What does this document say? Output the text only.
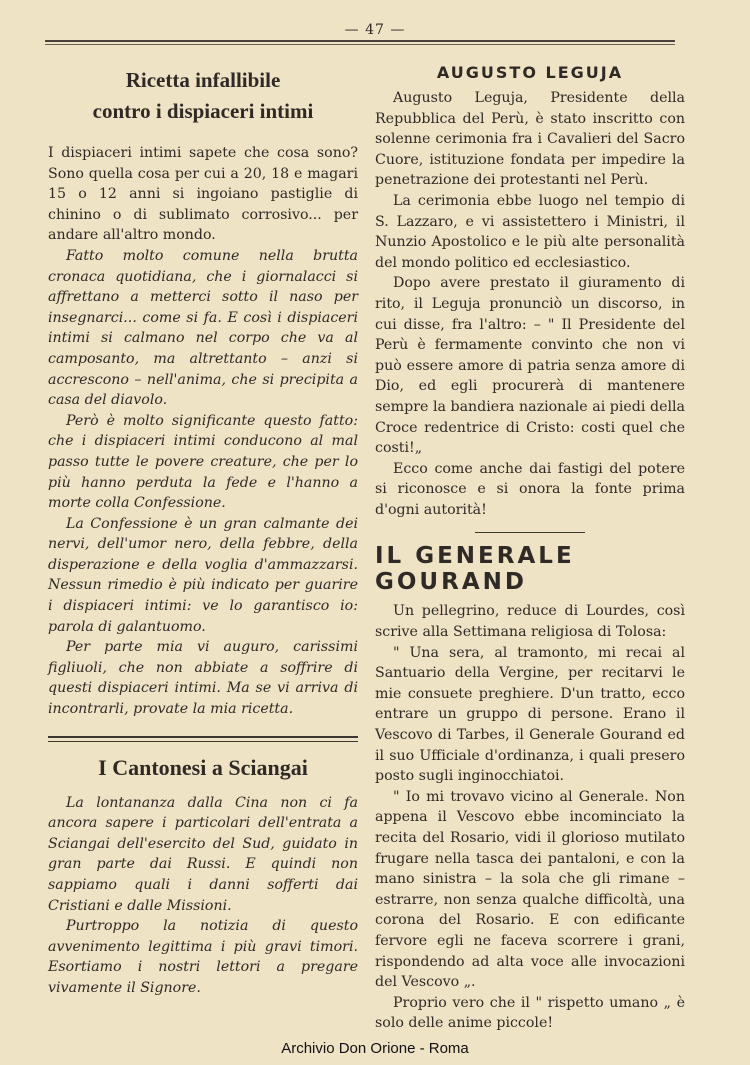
— 47 —
Ricetta infallibile
contro i dispiaceri intimi

I dispiaceri intimi sapete che cosa sono? Sono quella cosa per cui a 20, 18 e magari 15 o 12 anni si ingoiano pastiglie di chinino o di sublimato corrosivo... per andare all'altro mondo.

Fatto molto comune nella brutta cronaca quotidiana, che i giornalacci si affrettano a metterci sotto il naso per insegnarci... come si fa. E così i dispiaceri intimi si calmano nel corpo che va al camposanto, ma altrettanto – anzi si accrescono – nell'anima, che si precipita a casa del diavolo.

Però è molto significante questo fatto: che i dispiaceri intimi conducono al mal passo tutte le povere creature, che per lo più hanno perduta la fede e l'hanno a morte colla Confessione.

La Confessione è un gran calmante dei nervi, dell'umor nero, della febbre, della disperazione e della voglia d'ammazzarsi. Nessun rimedio è più indicato per guarire i dispiaceri intimi: ve lo garantisco io: parola di galantuomo.

Per parte mia vi auguro, carissimi figliuoli, che non abbiate a soffrire di questi dispiaceri intimi. Ma se vi arriva di incontrarli, provate la mia ricetta.

I Cantonesi a Sciangai

La lontananza dalla Cina non ci fa ancora sapere i particolari dell'entrata a Sciangai dell'esercito del Sud, guidato in gran parte dai Russi. E quindi non sappiamo quali i danni sofferti dai Cristiani e dalle Missioni.

Purtroppo la notizia di questo avvenimento legittima i più gravi timori. Esortiamo i nostri lettori a pregare vivamente il Signore.

AUGUSTO LEGUJA

Augusto Leguja, Presidente della Repubblica del Perù, è stato inscritto con solenne cerimonia fra i Cavalieri del Sacro Cuore, istituzione fondata per impedire la penetrazione dei protestanti nel Perù.

La cerimonia ebbe luogo nel tempio di S. Lazzaro, e vi assistettero i Ministri, il Nunzio Apostolico e le più alte personalità del mondo politico ed ecclesiastico.

Dopo avere prestato il giuramento di rito, il Leguja pronunciò un discorso, in cui disse, fra l'altro: – " Il Presidente del Perù è fermamente convinto che non vi può essere amore di patria senza amore di Dio, ed egli procurerà di mantenere sempre la bandiera nazionale ai piedi della Croce redentrice di Cristo: costi quel che costi!„

Ecco come anche dai fastigi del potere si riconosce e si onora la fonte prima d'ogni autorità!

IL GENERALE GOURAND

Un pellegrino, reduce di Lourdes, così scrive alla Settimana religiosa di Tolosa:

" Una sera, al tramonto, mi recai al Santuario della Vergine, per recitarvi le mie consuete preghiere. D'un tratto, ecco entrare un gruppo di persone. Erano il Vescovo di Tarbes, il Generale Gourand ed il suo Ufficiale d'ordinanza, i quali presero posto sugli inginocchiatoi.

" Io mi trovavo vicino al Generale. Non appena il Vescovo ebbe incominciato la recita del Rosario, vidi il glorioso mutilato frugare nella tasca dei pantaloni, e con la mano sinistra – la sola che gli rimane – estrarre, non senza qualche difficoltà, una corona del Rosario. E con edificante fervore egli ne faceva scorrere i grani, rispondendo ad alta voce alle invocazioni del Vescovo „.

Proprio vero che il " rispetto umano „ è solo delle anime piccole!

Archivio Don Orione - Roma
